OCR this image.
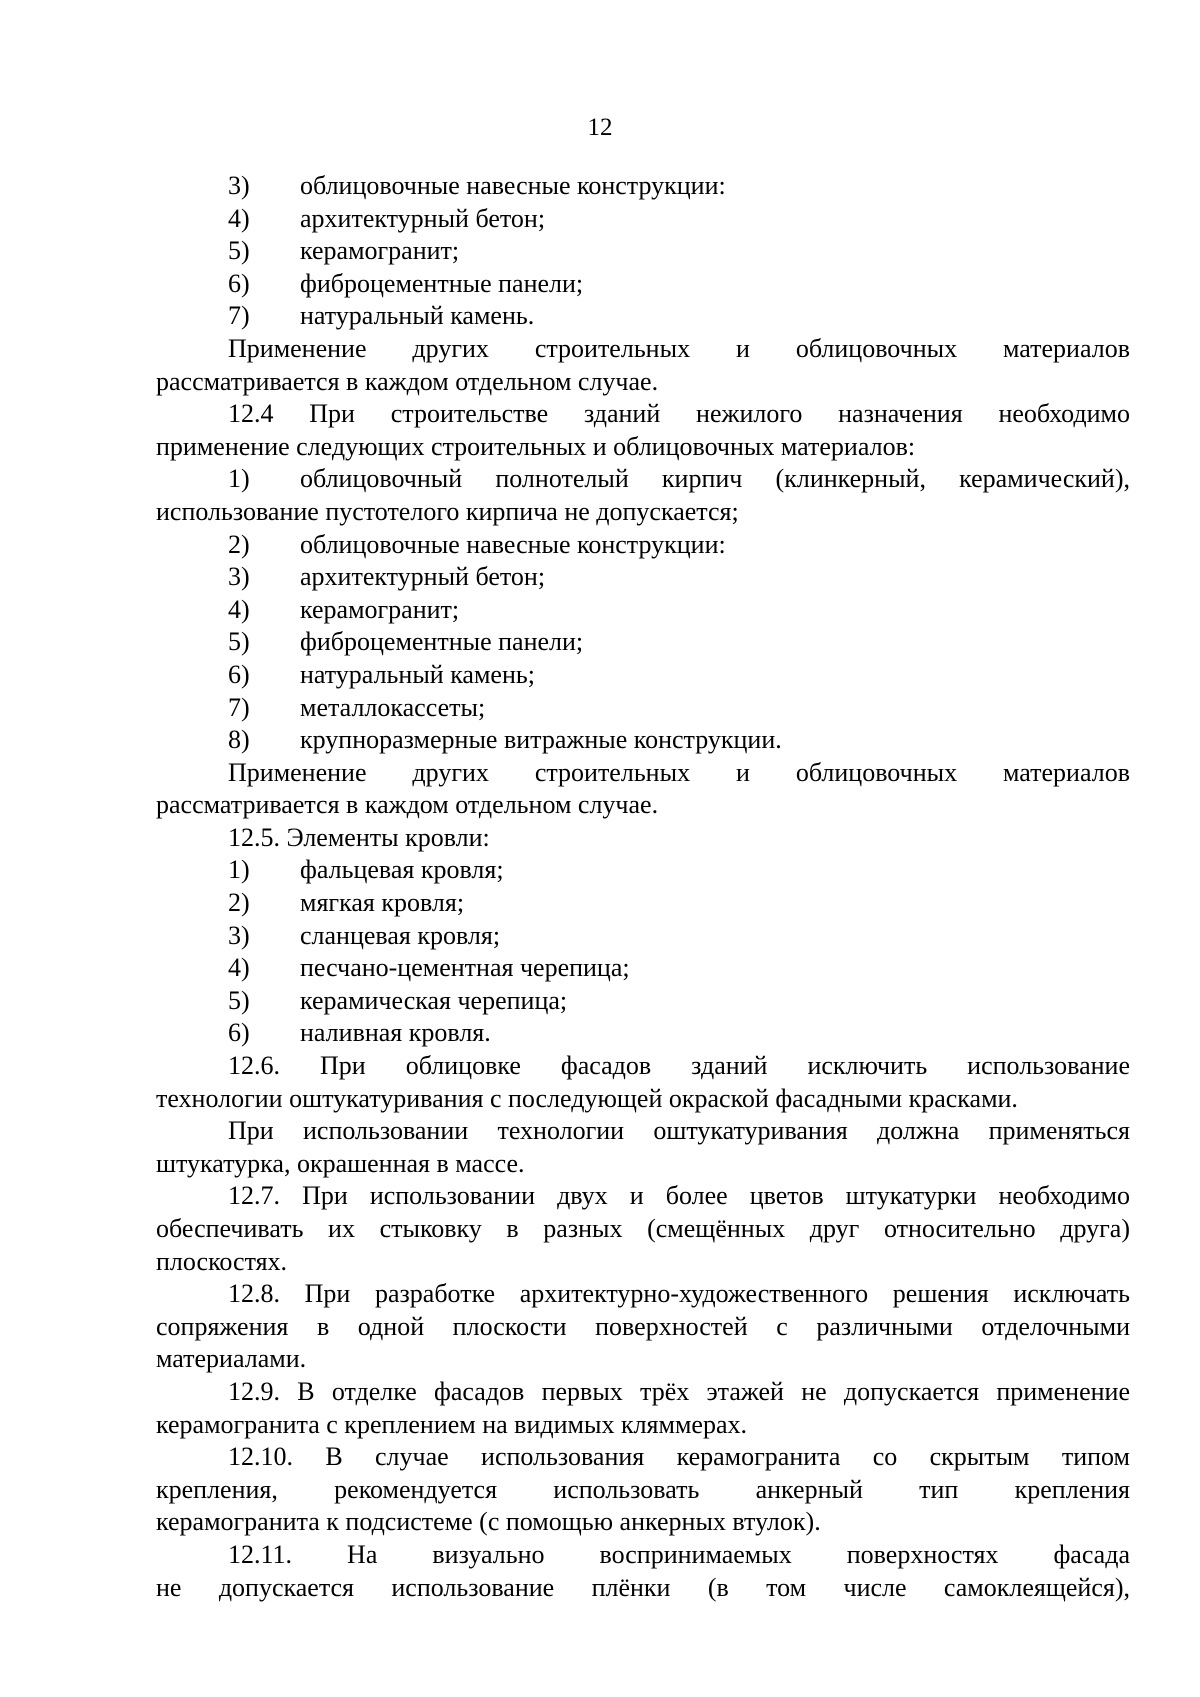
12
3) облицовочные навесные конструкции:
4) архитектурный бетон;
5) керамогранит;
6) фиброцементные панели;
7) натуральный камень.
Применение других строительных и облицовочных материалов
рассматривается в каждом отдельном случае.
12.4 При строительстве зданий нежилого назначения необходимо
применение следующих строительных и облицовочных материалов:
1)	облицовочный полнотелый кирпич (клинкерный, керамический),
использование пустотелого кирпича не допускается;
2) облицовочные навесные конструкции:
3) архитектурный бетон;
4) керамогранит;
5) фиброцементные панели;
6) натуральный камень;
7) металлокассеты;
8) крупноразмерные витражные конструкции.
Применение других строительных и облицовочных материалов
рассматривается в каждом отдельном случае.
12.5. Элементы кровли:
1) фальцевая кровля;
2) мягкая кровля;
3) сланцевая кровля;
4) песчано-цементная черепица;
5) керамическая черепица;
6) наливная кровля.
12.6. При облицовке фасадов зданий исключить использование
технологии оштукатуривания с последующей окраской фасадными красками.
При использовании технологии оштукатуривания должна применяться
штукатурка, окрашенная в массе.
12.7. При использовании двух и более цветов штукатурки необходимо
обеспечивать их стыковку в разных (смещённых друг относительно друга)
плоскостях.
12.8. При разработке архитектурно-художественного решения исключать
сопряжения в одной плоскости поверхностей с различными отделочными
материалами.
12.9. В отделке фасадов первых трёх этажей не допускается применение
керамогранита с креплением на видимых кляммерах.
12.10. В случае использования керамогранита со скрытым типом
крепления, рекомендуется использовать анкерный тип крепления
керамогранита к подсистеме (с помощью анкерных втулок).
12.11. На визуально воспринимаемых поверхностях фасада
не допускается использование плёнки (в том числе самоклеящейся),
